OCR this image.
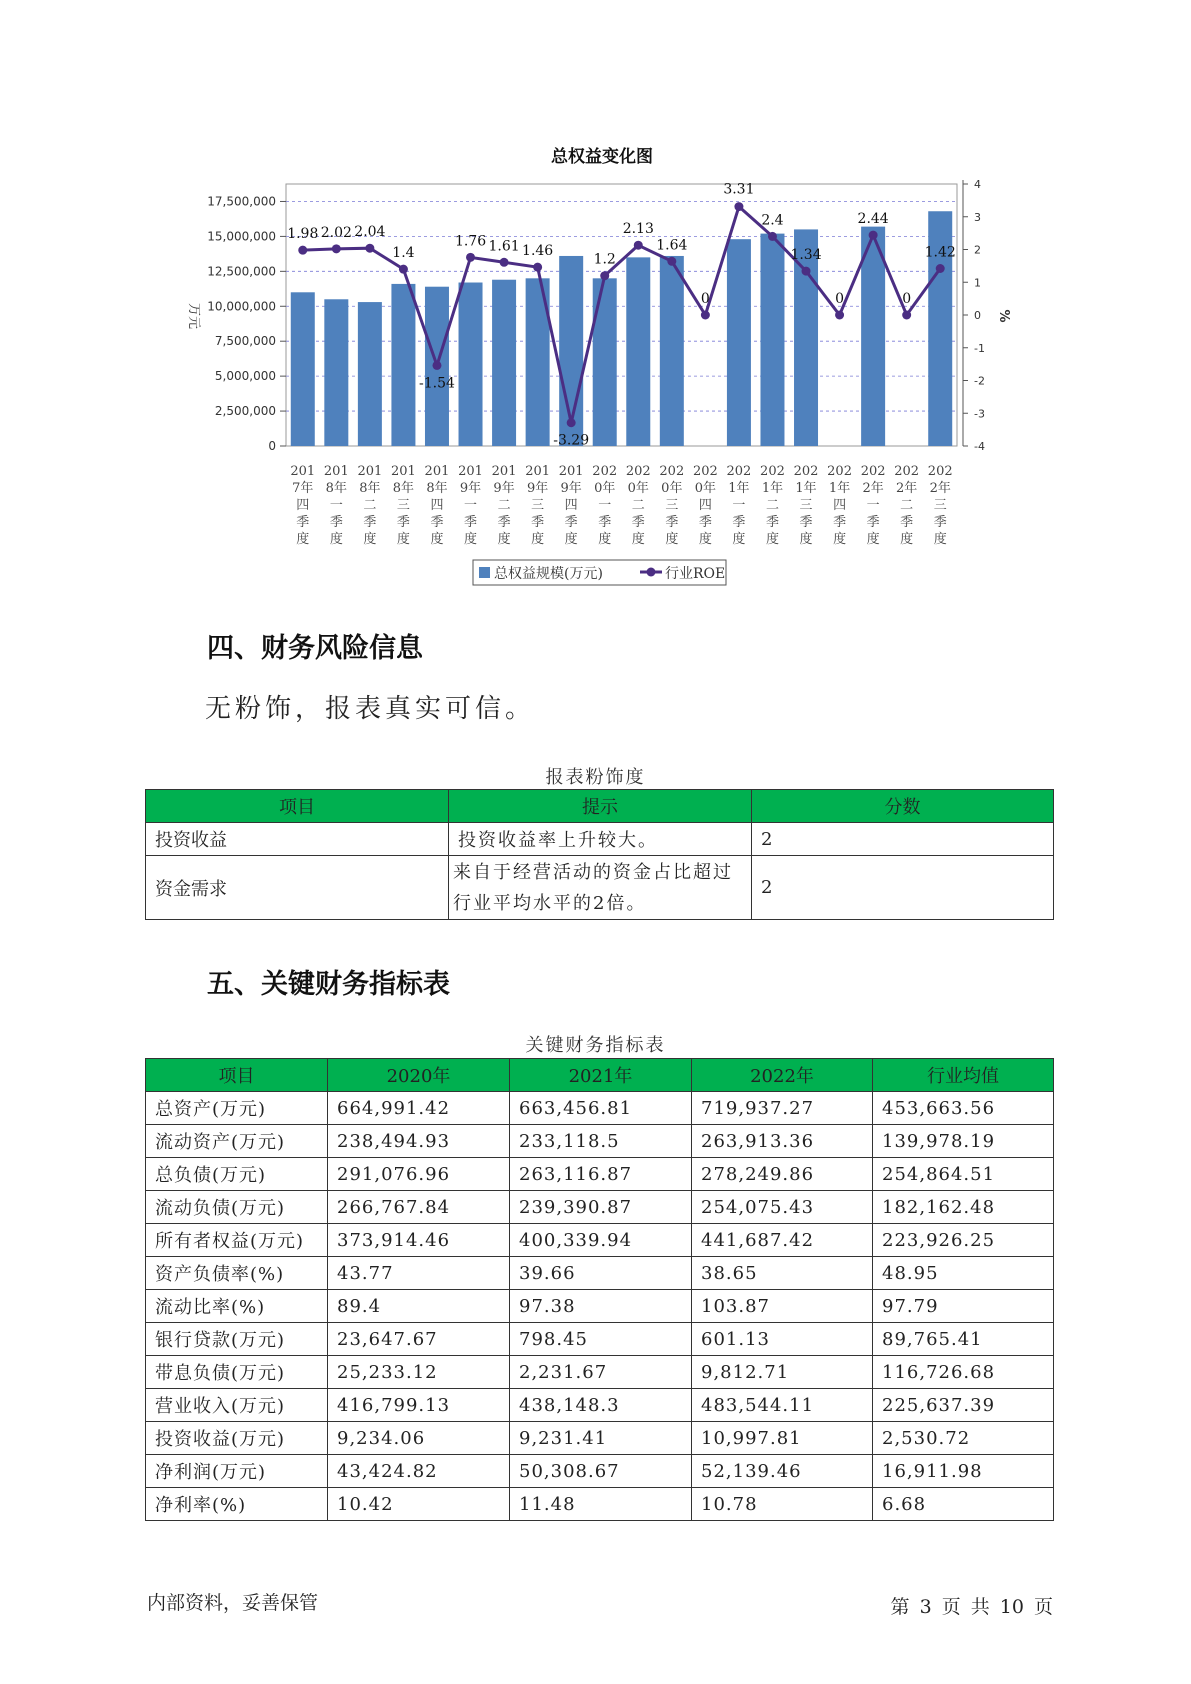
总权益变化图
0
2,500,000
5,000,000
7,500,000
10,000,000
12,500,000
15,000,000
17,500,000
-4
-3
-2
-1
0
1
2
3
4
万元	%
201
7年
四
季
度
201
8年
一
季
度
201
8年
二
季
度
201
8年
三
季
度
201
8年
四
季
度
201
9年
一
季
度
201
9年
二
季
度
201
9年
三
季
度
201
9年
四
季
度
202
0年
一
季
度
202
0年
二
季
度
202
0年
三
季
度
202
0年
四
季
度
202
1年
一
季
度
202
1年
二
季
度
202
1年
三
季
度
202
1年
四
季
度
202
2年
一
季
度
202
2年
二
季
度
202
2年
三
季
度
1.98 2.02 2.04
1.4
-1.54
1.76 1.61 1.46
-3.29
1.2
2.13
1.64
0
3.31
2.4
1.34
0
2.44
0
1.42
总权益规模(万元)	行业ROE
四、财务风险信息
无粉饰，报表真实可信。
报表粉饰度
项目	提示	分数
投资收益	投资收益率上升较大。	2
资金需求	来自于经营活动的资金占比超过行业平均水平的2倍。	2
五、关键财务指标表
关键财务指标表
项目	2020年	2021年	2022年	行业均值
总资产(万元)	664,991.42	663,456.81	719,937.27	453,663.56
流动资产(万元)	238,494.93	233,118.5	263,913.36	139,978.19
总负债(万元)	291,076.96	263,116.87	278,249.86	254,864.51
流动负债(万元)	266,767.84	239,390.87	254,075.43	182,162.48
所有者权益(万元)	373,914.46	400,339.94	441,687.42	223,926.25
资产负债率(%)	43.77	39.66	38.65	48.95
流动比率(%)	89.4	97.38	103.87	97.79
银行贷款(万元)	23,647.67	798.45	601.13	89,765.41
带息负债(万元)	25,233.12	2,231.67	9,812.71	116,726.68
营业收入(万元)	416,799.13	438,148.3	483,544.11	225,637.39
投资收益(万元)	9,234.06	9,231.41	10,997.81	2,530.72
净利润(万元)	43,424.82	50,308.67	52,139.46	16,911.98
净利率(%)	10.42	11.48	10.78	6.68
内部资料，妥善保管	第 3 页 共 10 页
